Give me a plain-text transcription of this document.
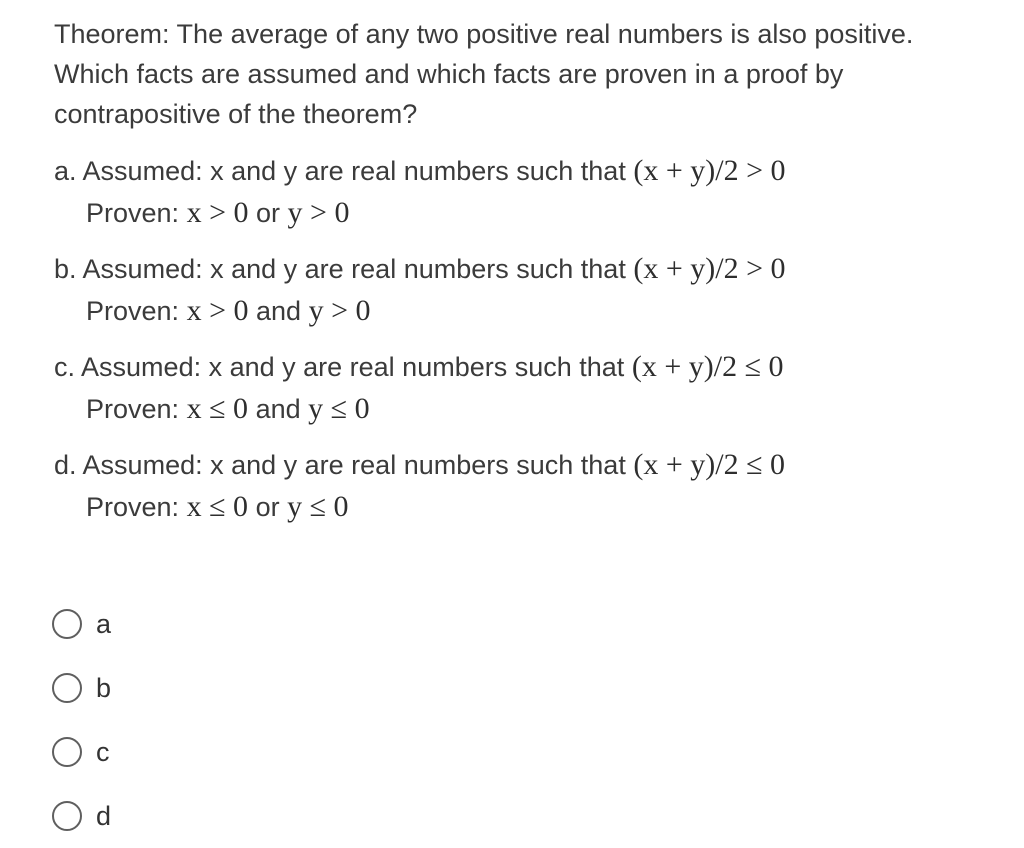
Theorem: The average of any two positive real numbers is also positive.

Which facts are assumed and which facts are proven in a proof by

contrapositive of the theorem?

a. Assumed: x and y are real numbers such that (x + y)/2 > 0
Proven: x > 0 or y > 0
b. Assumed: x and y are real numbers such that (x + y)/2 > 0
Proven: x > 0 and y > 0
c. Assumed: x and y are real numbers such that (x + y)/2 ≤ 0
Proven: x ≤ 0 and y ≤ 0
d. Assumed: x and y are real numbers such that (x + y)/2 ≤ 0
Proven: x ≤ 0 or y ≤ 0
a
b
c
d
